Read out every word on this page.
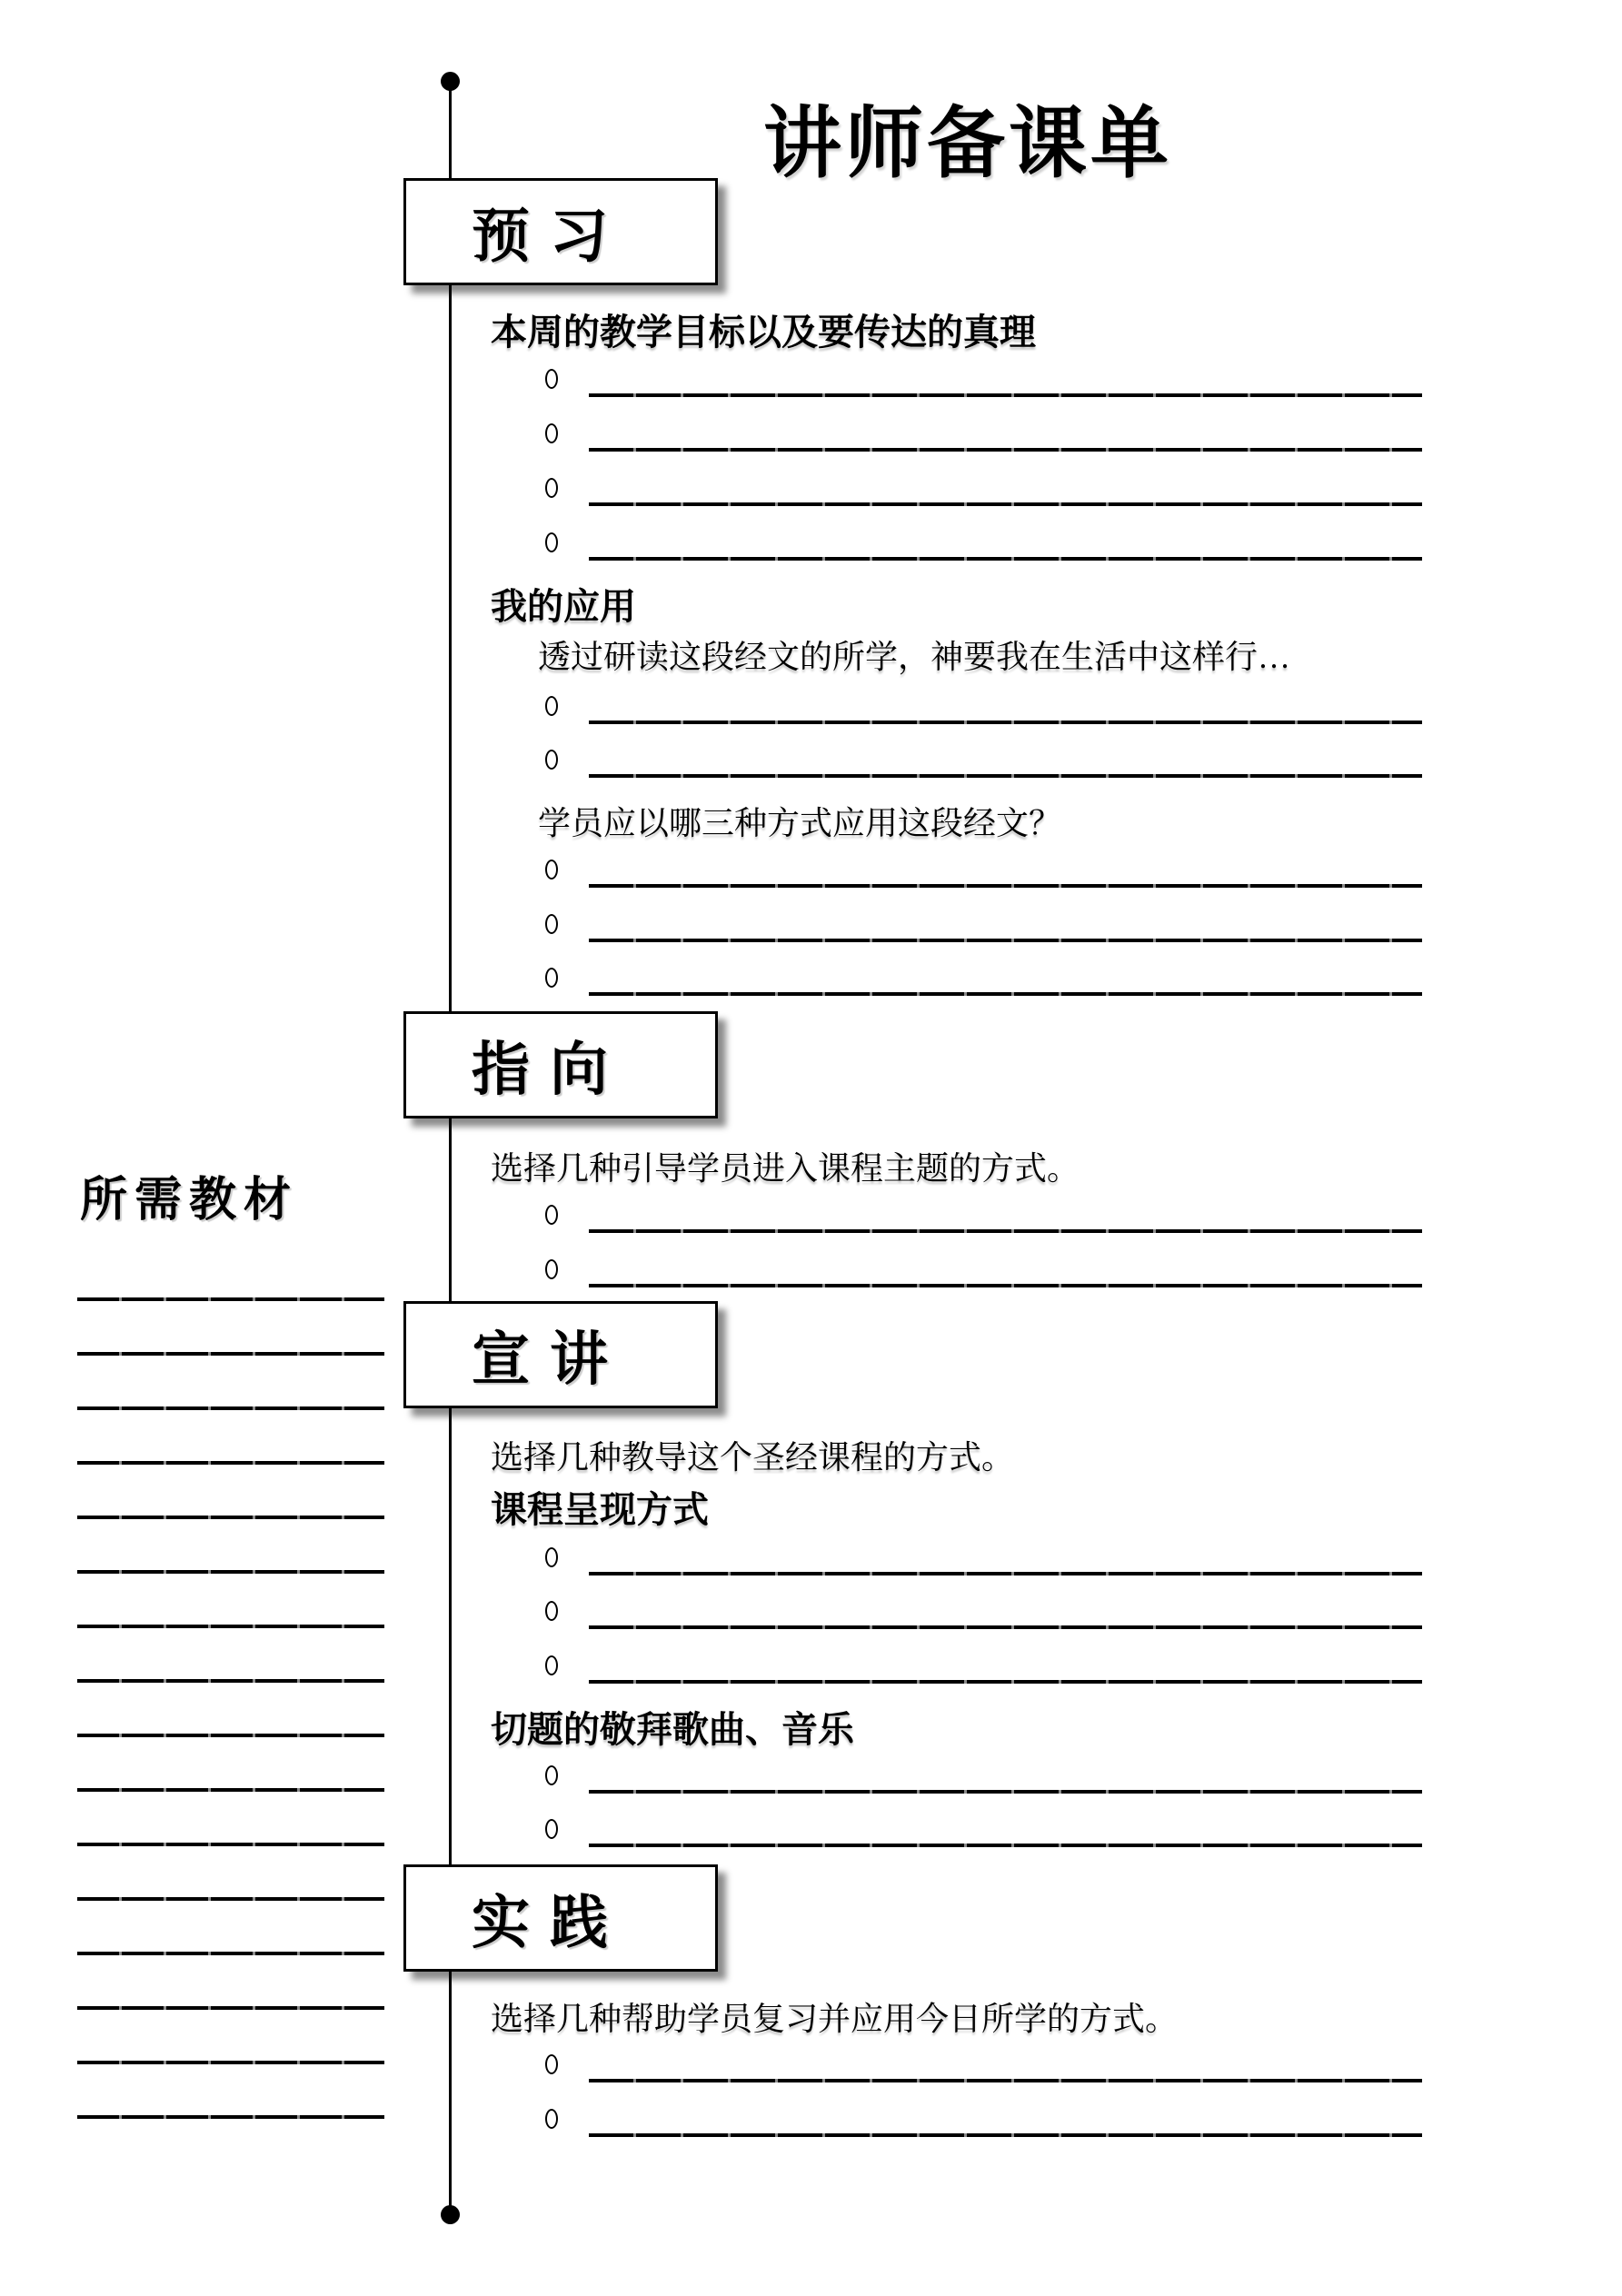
讲师备课单
预习
指向
宣讲
实践
本周的教学目标以及要传达的真理
我的应用
透过研读这段经文的所学，神要我在生活中这样行…
学员应以哪三种方式应用这段经文？
选择几种引导学员进入课程主题的方式。
选择几种教导这个圣经课程的方式。
课程呈现方式
切题的敬拜歌曲、音乐
选择几种帮助学员复习并应用今日所学的方式。
所需教材
